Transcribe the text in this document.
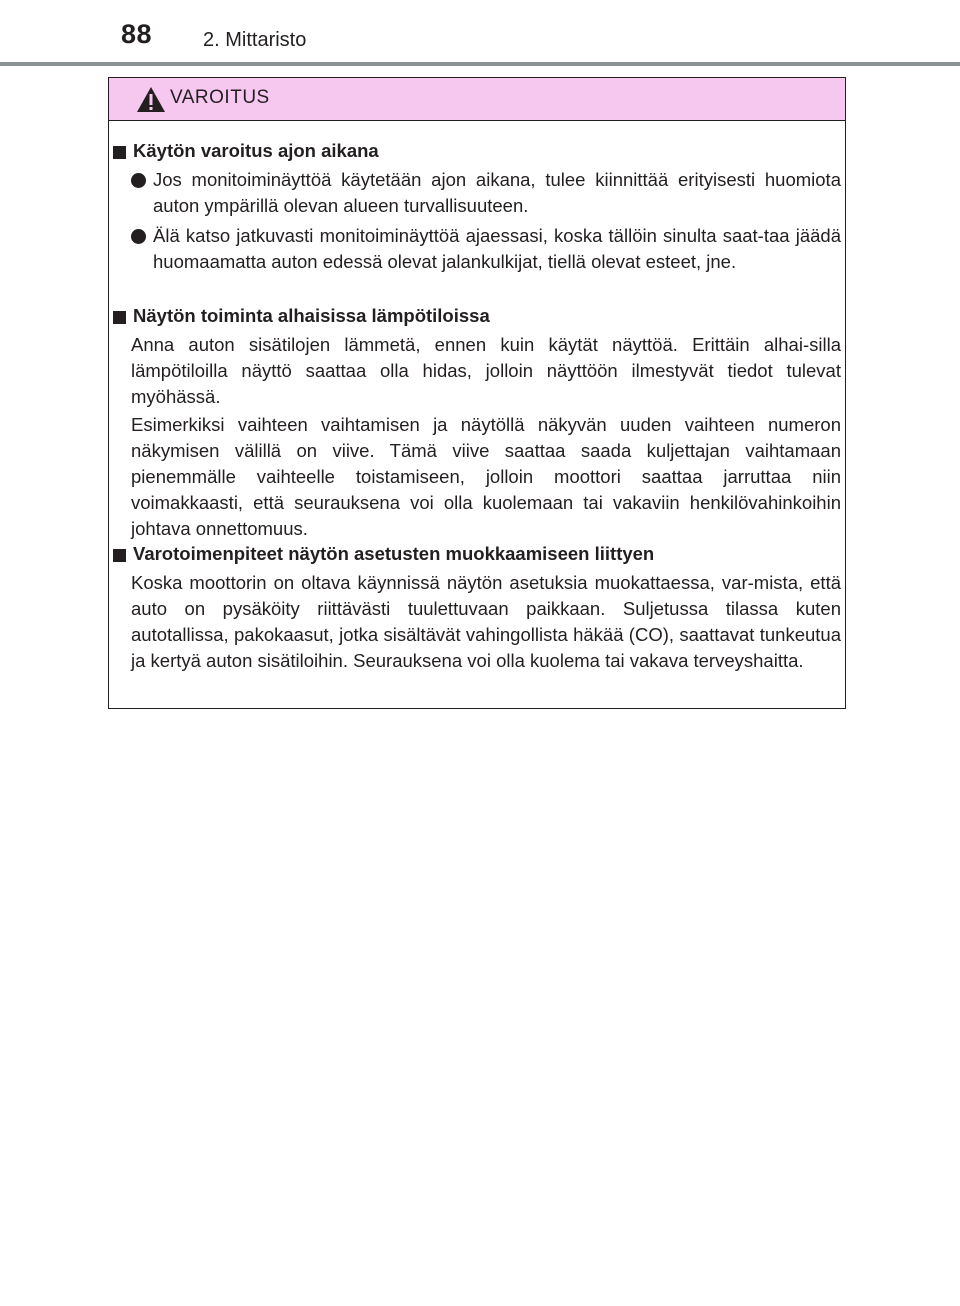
88	2. Mittaristo
VAROITUS
Käytön varoitus ajon aikana

Jos monitoiminäyttöä käytetään ajon aikana, tulee kiinnittää erityisesti huomiota auton ympärillä olevan alueen turvallisuuteen.

Älä katso jatkuvasti monitoiminäyttöä ajaessasi, koska tällöin sinulta saat-taa jäädä huomaamatta auton edessä olevat jalankulkijat, tiellä olevat esteet, jne.

Näytön toiminta alhaisissa lämpötiloissa

Anna auton sisätilojen lämmetä, ennen kuin käytät näyttöä. Erittäin alhai-silla lämpötiloilla näyttö saattaa olla hidas, jolloin näyttöön ilmestyvät tiedot tulevat myöhässä.

Esimerkiksi vaihteen vaihtamisen ja näytöllä näkyvän uuden vaihteen numeron näkymisen välillä on viive. Tämä viive saattaa saada kuljettajan vaihtamaan pienemmälle vaihteelle toistamiseen, jolloin moottori saattaa jarruttaa niin voimakkaasti, että seurauksena voi olla kuolemaan tai vakaviin henkilövahinkoihin johtava onnettomuus.

Varotoimenpiteet näytön asetusten muokkaamiseen liittyen

Koska moottorin on oltava käynnissä näytön asetuksia muokattaessa, var-mista, että auto on pysäköity riittävästi tuulettuvaan paikkaan. Suljetussa tilassa kuten autotallissa, pakokaasut, jotka sisältävät vahingollista häkää (CO), saattavat tunkeutua ja kertyä auton sisätiloihin. Seurauksena voi olla kuolema tai vakava terveyshaitta.
